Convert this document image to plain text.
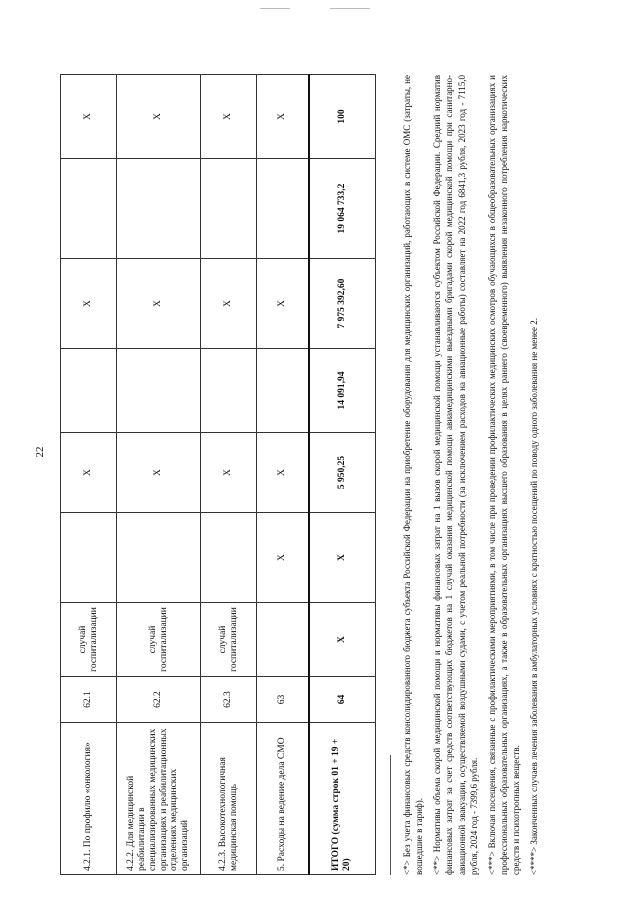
22
4.2.1. По профилю «онкология»	62.1	случай госпитализации		X		X		X
4.2.2. Для медицинской реабилитации в специализированных медицинских организациях и реабилитационных отделениях медицинских организаций	62.2	случай госпитализации		X		X		X
4.2.3. Высокотехнологичная медицинская помощь	62.3	случай госпитализации		X		X		X
5. Расходы на ведение дела СМО	63		X	X		X		X
ИТОГО (сумма строк 01 + 19 + 20)	64	X	X	5 950,25	14 091,94	7 975 392,60	19 064 733,2	100	<*> Без учета финансовых средств консолидированного бюджета субъекта Российской Федерации на приобретение оборудования для медицинских организаций, работающих в системе ОМС (затраты, не вошедшие в тариф). <**> Нормативы объема скорой медицинской помощи и нормативы финансовых затрат на 1 вызов скорой медицинской помощи устанавливаются субъектом Российской Федерации. Средний норматив финансовых затрат за счет средств соответствующих бюджетов на 1 случай оказания медицинской помощи авиамедицинскими выездными бригадами скорой медицинской помощи при санитарно-авиационной эвакуации, осуществляемой воздушными судами, с учетом реальной потребности (за исключением расходов на авиационные работы) составляет на 2022 год 6841,3 рубля, 2023 год - 7115,0 рубля, 2024 год - 7399,6 рубля. <***> Включая посещения, связанные с профилактическими мероприятиями, в том числе при проведении профилактических медицинских осмотров обучающихся в общеобразовательных организациях и профессиональных образовательных организациях, а также в образовательных организациях высшего образования в целях раннего (своевременного) выявления незаконного потребления наркотических средств и психотропных веществ. <****> Законченных случаев лечения заболевания в амбулаторных условиях с кратностью посещений по поводу одного заболевания не менее 2.
